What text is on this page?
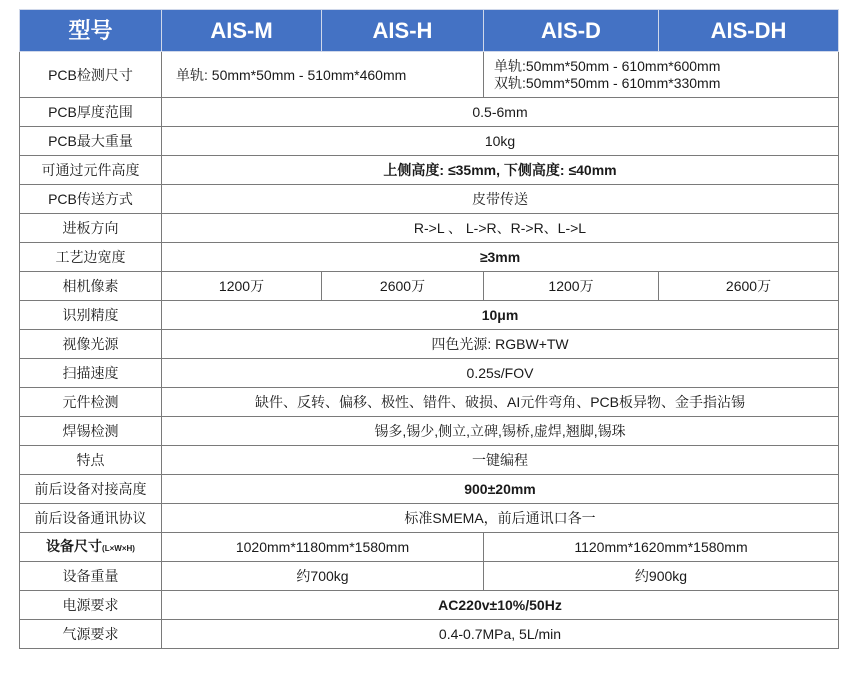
型号	AIS-M	AIS-H	AIS-D	AIS-DH
PCB检测尺寸	单轨: 50mm*50mm - 510mm*460mm		单轨:50mm*50mm - 610mm*600mm
双轨:50mm*50mm - 610mm*330mm	

PCB厚度范围	0.5-6mm			
PCB最大重量	10kg			
可通过元件高度	上侧高度: ≤35mm, 下侧高度: ≤40mm			
PCB传送方式	皮带传送			
进板方向	R->L 、 L->R、R->R、L->L			
工艺边宽度	≥3mm			
相机像素	1200万	2600万	1200万	2600万
识别精度	10μm			
视像光源	四色光源: RGBW+TW			
扫描速度	0.25s/FOV			
元件检测	缺件、反转、偏移、极性、错件、破损、AI元件弯角、PCB板异物、金手指沾锡			
焊锡检测	锡多,锡少,侧立,立碑,锡桥,虚焊,翘脚,锡珠			
特点	一键编程			
前后设备对接高度	900±20mm			
前后设备通讯协议	标准SMEMA，前后通讯口各一			
设备尺寸(L×W×H)	1020mm*1180mm*1580mm		1120mm*1620mm*1580mm	
设备重量	约700kg		约900kg	
电源要求	AC220v±10%/50Hz			
气源要求	0.4-0.7MPa, 5L/min			
